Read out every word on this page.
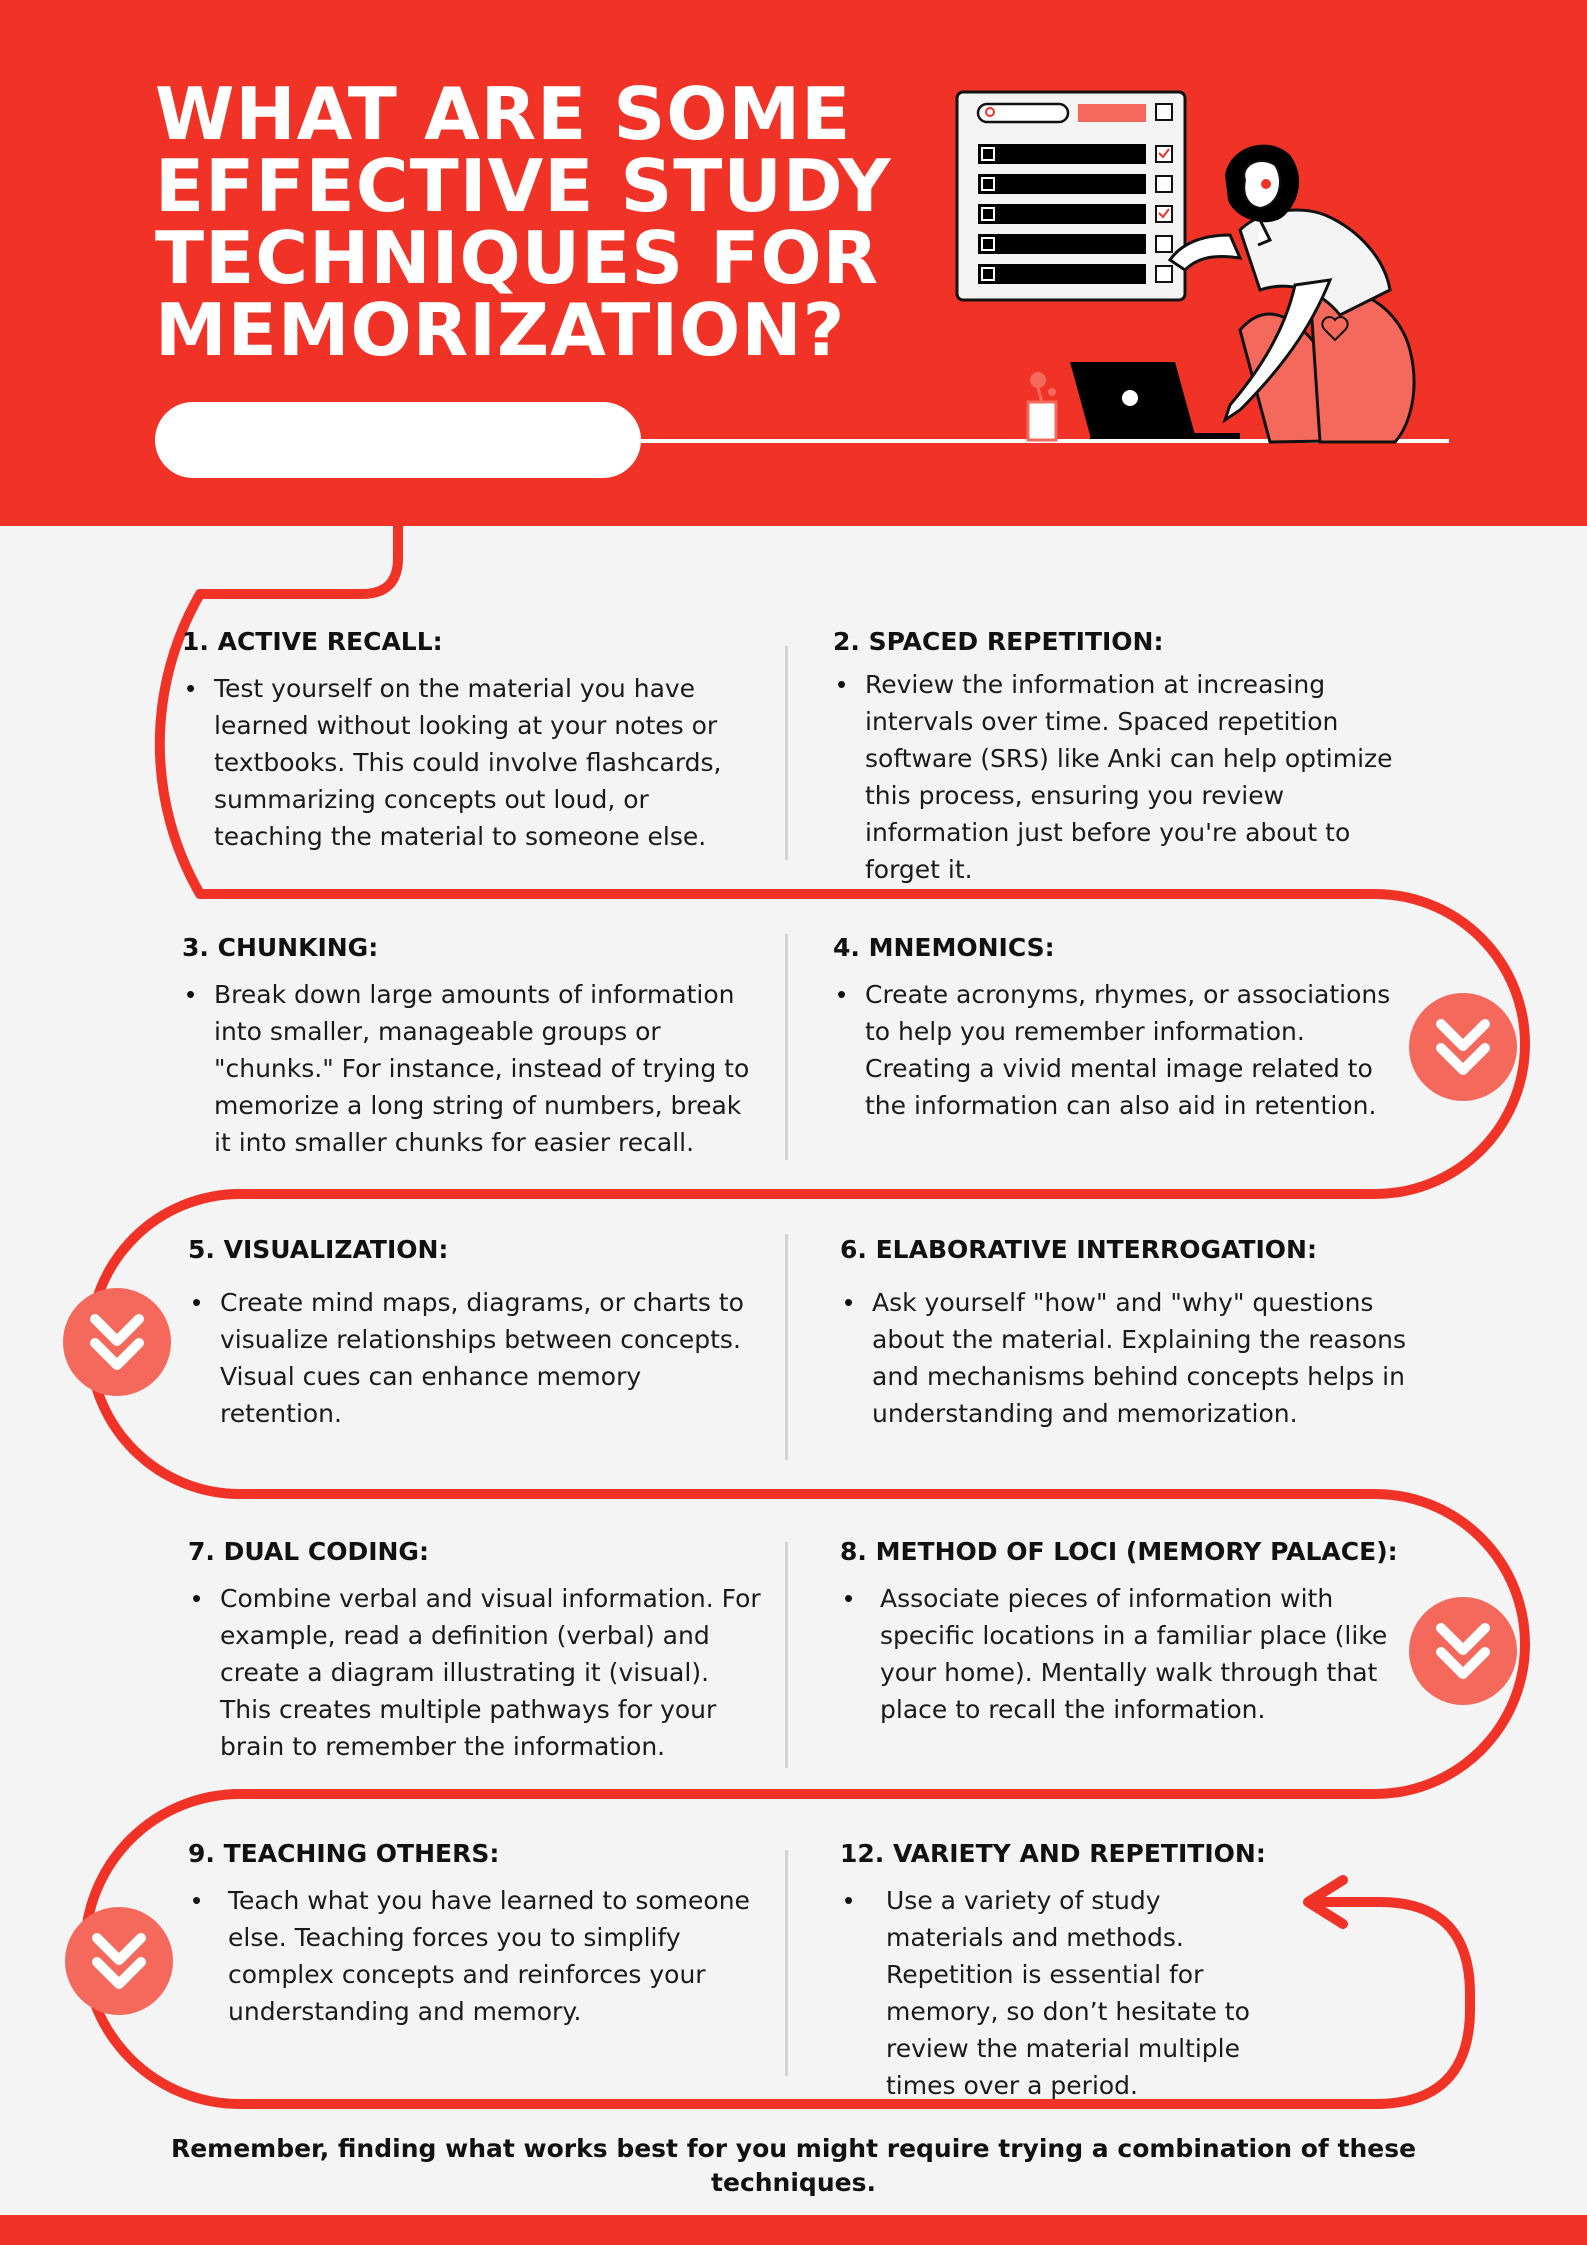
WHAT ARE SOME
EFFECTIVE STUDY
TECHNIQUES FOR
MEMORIZATION?
1. ACTIVE RECALL:
• Test yourself on the material you have learned without looking at your notes or textbooks. This could involve flashcards, summarizing concepts out loud, or teaching the material to someone else.
2. SPACED REPETITION:
• Review the information at increasing intervals over time. Spaced repetition software (SRS) like Anki can help optimize this process, ensuring you review information just before you're about to forget it.
3. CHUNKING:
• Break down large amounts of information into smaller, manageable groups or "chunks." For instance, instead of trying to memorize a long string of numbers, break it into smaller chunks for easier recall.
4. MNEMONICS:
• Create acronyms, rhymes, or associations to help you remember information. Creating a vivid mental image related to the information can also aid in retention.
5. VISUALIZATION:
• Create mind maps, diagrams, or charts to visualize relationships between concepts. Visual cues can enhance memory retention.
6. ELABORATIVE INTERROGATION:
• Ask yourself "how" and "why" questions about the material. Explaining the reasons and mechanisms behind concepts helps in understanding and memorization.
7. DUAL CODING:
• Combine verbal and visual information. For example, read a definition (verbal) and create a diagram illustrating it (visual). This creates multiple pathways for your brain to remember the information.
8. METHOD OF LOCI (MEMORY PALACE):
•	Associate pieces of information with specific locations in a familiar place (like your home). Mentally walk through that place to recall the information.
9. TEACHING OTHERS:
•	Teach what you have learned to someone else. Teaching forces you to simplify complex concepts and reinforces your understanding and memory.
12. VARIETY AND REPETITION:
•	Use a variety of study materials and methods. Repetition is essential for memory, so don’t hesitate to review the material multiple times over a period.

Remember, finding what works best for you might require trying a combination of these techniques.
